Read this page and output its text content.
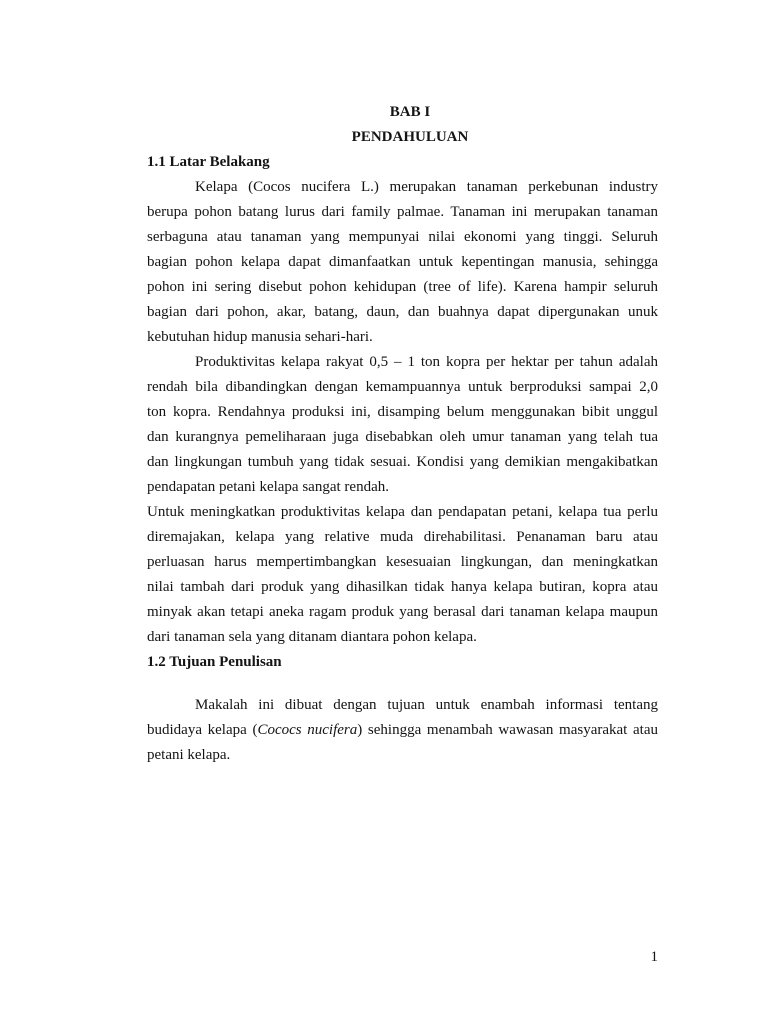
BAB I
PENDAHULUAN
1.1 Latar Belakang
Kelapa (Cocos nucifera L.) merupakan tanaman perkebunan industry
berupa pohon batang lurus dari family palmae. Tanaman ini merupakan tanaman
serbaguna atau tanaman yang mempunyai nilai ekonomi yang tinggi. Seluruh
bagian pohon kelapa dapat dimanfaatkan untuk kepentingan manusia, sehingga
pohon ini sering disebut pohon kehidupan (tree of life). Karena hampir seluruh
bagian dari pohon, akar, batang, daun, dan buahnya dapat dipergunakan unuk
kebutuhan hidup manusia sehari-hari.
Produktivitas kelapa rakyat 0,5 – 1 ton kopra per hektar per tahun adalah
rendah bila dibandingkan dengan kemampuannya untuk berproduksi sampai 2,0
ton kopra. Rendahnya produksi ini, disamping belum menggunakan bibit unggul
dan kurangnya pemeliharaan juga disebabkan oleh umur tanaman yang telah tua
dan lingkungan tumbuh yang tidak sesuai. Kondisi yang demikian mengakibatkan
pendapatan petani kelapa sangat rendah.
Untuk meningkatkan produktivitas kelapa dan pendapatan petani, kelapa tua perlu
diremajakan, kelapa yang relative muda direhabilitasi. Penanaman baru atau
perluasan harus mempertimbangkan kesesuaian lingkungan, dan meningkatkan
nilai tambah dari produk yang dihasilkan tidak hanya kelapa butiran, kopra atau
minyak akan tetapi aneka ragam produk yang berasal dari tanaman kelapa maupun
dari tanaman sela yang ditanam diantara pohon kelapa.
1.2 Tujuan Penulisan
Makalah ini dibuat dengan tujuan untuk enambah informasi tentang
budidaya kelapa (Cococs nucifera) sehingga menambah wawasan masyarakat atau
petani kelapa.
1
